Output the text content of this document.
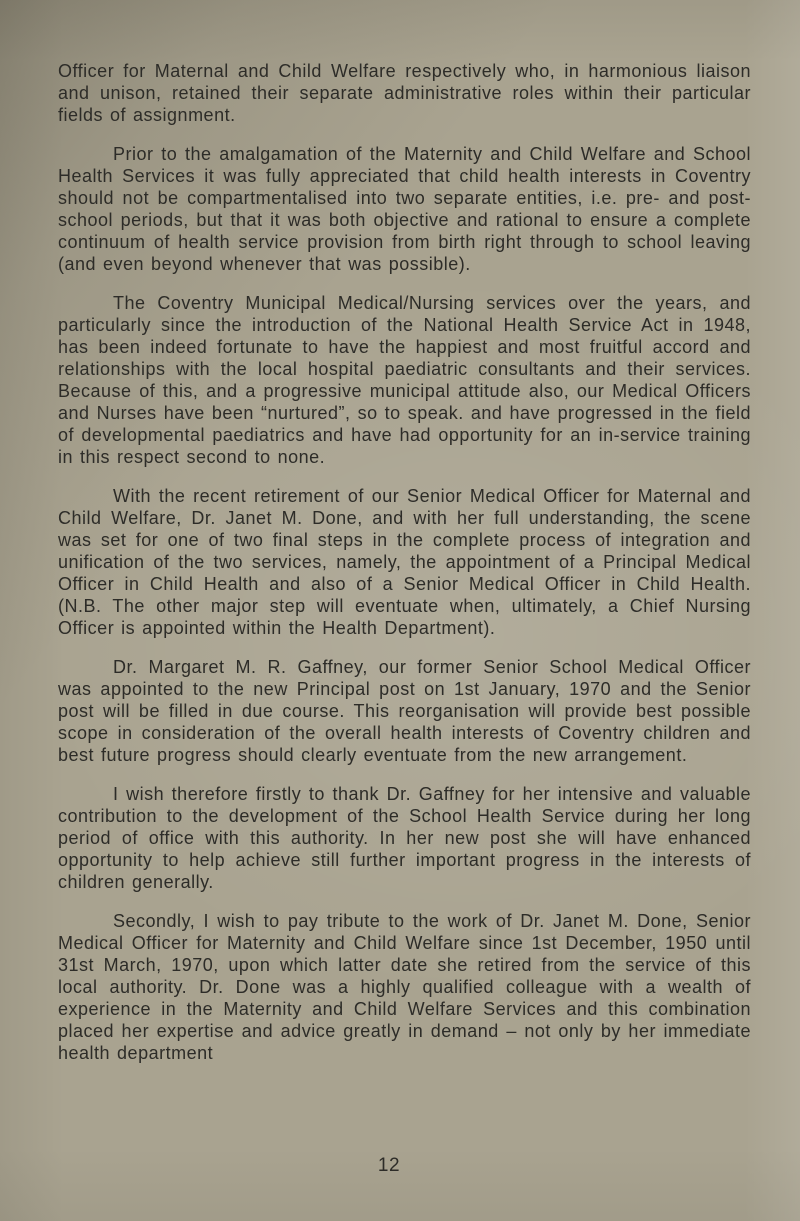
Officer for Maternal and Child Welfare respectively who, in harmonious liaison and unison, retained their separate administrative roles within their particular fields of assignment.

Prior to the amalgamation of the Maternity and Child Welfare and School Health Services it was fully appreciated that child health interests in Coventry should not be compartmentalised into two separate entities, i.e. pre- and post-school periods, but that it was both objective and rational to ensure a complete continuum of health service provision from birth right through to school leaving (and even beyond whenever that was possible).

The Coventry Municipal Medical/Nursing services over the years, and particularly since the introduction of the National Health Service Act in 1948, has been indeed fortunate to have the happiest and most fruitful accord and relationships with the local hospital paediatric consultants and their services. Because of this, and a progressive municipal attitude also, our Medical Officers and Nurses have been “nurtured”, so to speak. and have progressed in the field of developmental paediatrics and have had opportunity for an in-service training in this respect second to none.

With the recent retirement of our Senior Medical Officer for Maternal and Child Welfare, Dr. Janet M. Done, and with her full understanding, the scene was set for one of two final steps in the complete process of integration and unification of the two services, namely, the appointment of a Principal Medical Officer in Child Health and also of a Senior Medical Officer in Child Health. (N.B. The other major step will eventuate when, ultimately, a Chief Nursing Officer is appointed within the Health Department).

Dr. Margaret M. R. Gaffney, our former Senior School Medical Officer was appointed to the new Principal post on 1st January, 1970 and the Senior post will be filled in due course. This reorganisation will provide best possible scope in consideration of the overall health interests of Coventry children and best future progress should clearly eventuate from the new arrangement.

I wish therefore firstly to thank Dr. Gaffney for her intensive and valuable contribution to the development of the School Health Service during her long period of office with this authority. In her new post she will have enhanced opportunity to help achieve still further important progress in the interests of children generally.

Secondly, I wish to pay tribute to the work of Dr. Janet M. Done, Senior Medical Officer for Maternity and Child Welfare since 1st December, 1950 until 31st March, 1970, upon which latter date she retired from the service of this local authority. Dr. Done was a highly qualified colleague with a wealth of experience in the Maternity and Child Welfare Services and this combination placed her expertise and advice greatly in demand – not only by her immediate health department

12
